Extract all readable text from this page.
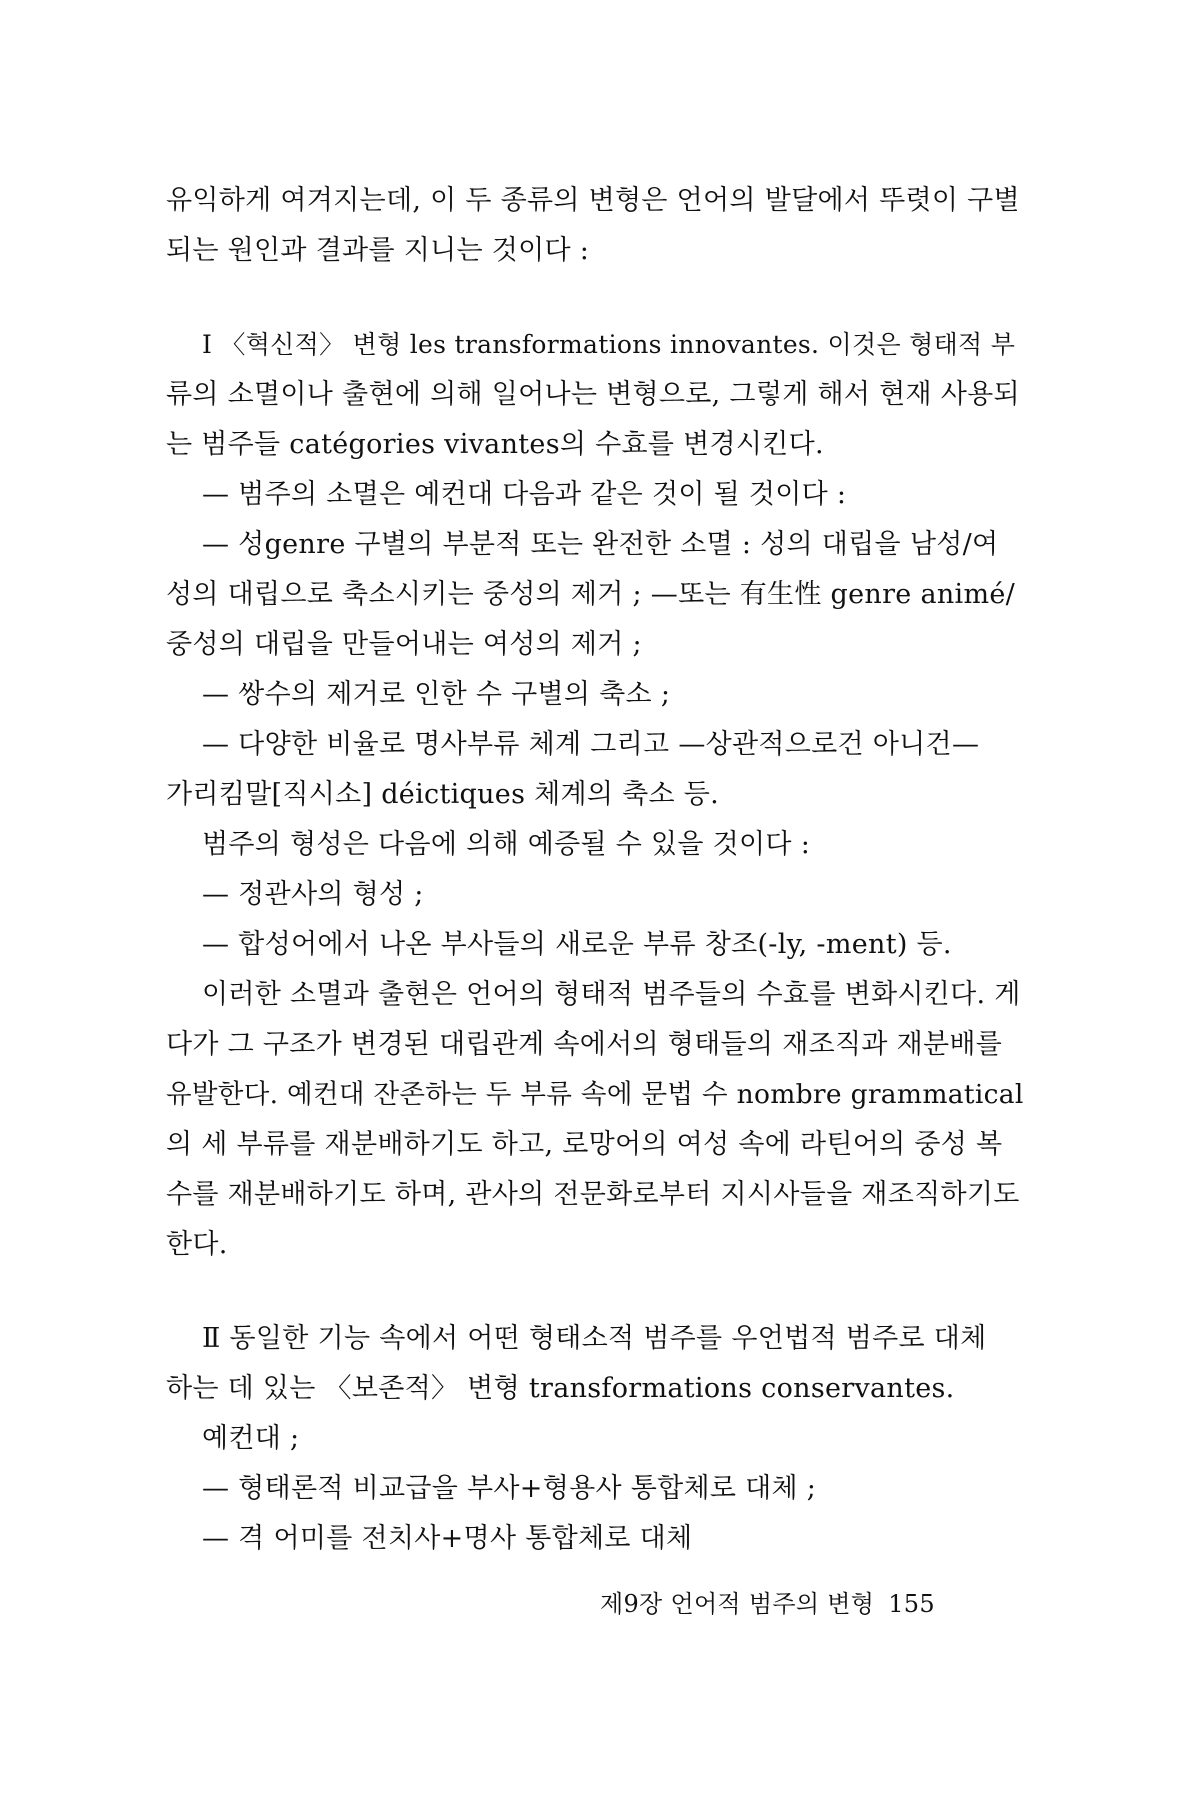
유익하게 여겨지는데, 이 두 종류의 변형은 언어의 발달에서 뚜렷이 구별
되는 원인과 결과를 지니는 것이다 :
Ⅰ 〈혁신적〉 변형 les transformations innovantes. 이것은 형태적 부
류의 소멸이나 출현에 의해 일어나는 변형으로, 그렇게 해서 현재 사용되
는 범주들 catégories vivantes의 수효를 변경시킨다.
— 범주의 소멸은 예컨대 다음과 같은 것이 될 것이다 :
— 성genre 구별의 부분적 또는 완전한 소멸 : 성의 대립을 남성/여
성의 대립으로 축소시키는 중성의 제거 ; —또는 有生性 genre animé/
중성의 대립을 만들어내는 여성의 제거 ;
— 쌍수의 제거로 인한 수 구별의 축소 ;
— 다양한 비율로 명사부류 체계 그리고 —상관적으로건 아니건—
가리킴말[직시소] déictiques 체계의 축소 등.
범주의 형성은 다음에 의해 예증될 수 있을 것이다 :
— 정관사의 형성 ;
— 합성어에서 나온 부사들의 새로운 부류 창조(-ly, -ment) 등.
이러한 소멸과 출현은 언어의 형태적 범주들의 수효를 변화시킨다. 게
다가 그 구조가 변경된 대립관계 속에서의 형태들의 재조직과 재분배를
유발한다. 예컨대 잔존하는 두 부류 속에 문법 수 nombre grammatical
의 세 부류를 재분배하기도 하고, 로망어의 여성 속에 라틴어의 중성 복
수를 재분배하기도 하며, 관사의 전문화로부터 지시사들을 재조직하기도
한다.
Ⅱ 동일한 기능 속에서 어떤 형태소적 범주를 우언법적 범주로 대체
하는 데 있는 〈보존적〉 변형 transformations conservantes.
예컨대 ;
— 형태론적 비교급을 부사+형용사 통합체로 대체 ;
— 격 어미를 전치사+명사 통합체로 대체
제9장 언어적 범주의 변형 155
